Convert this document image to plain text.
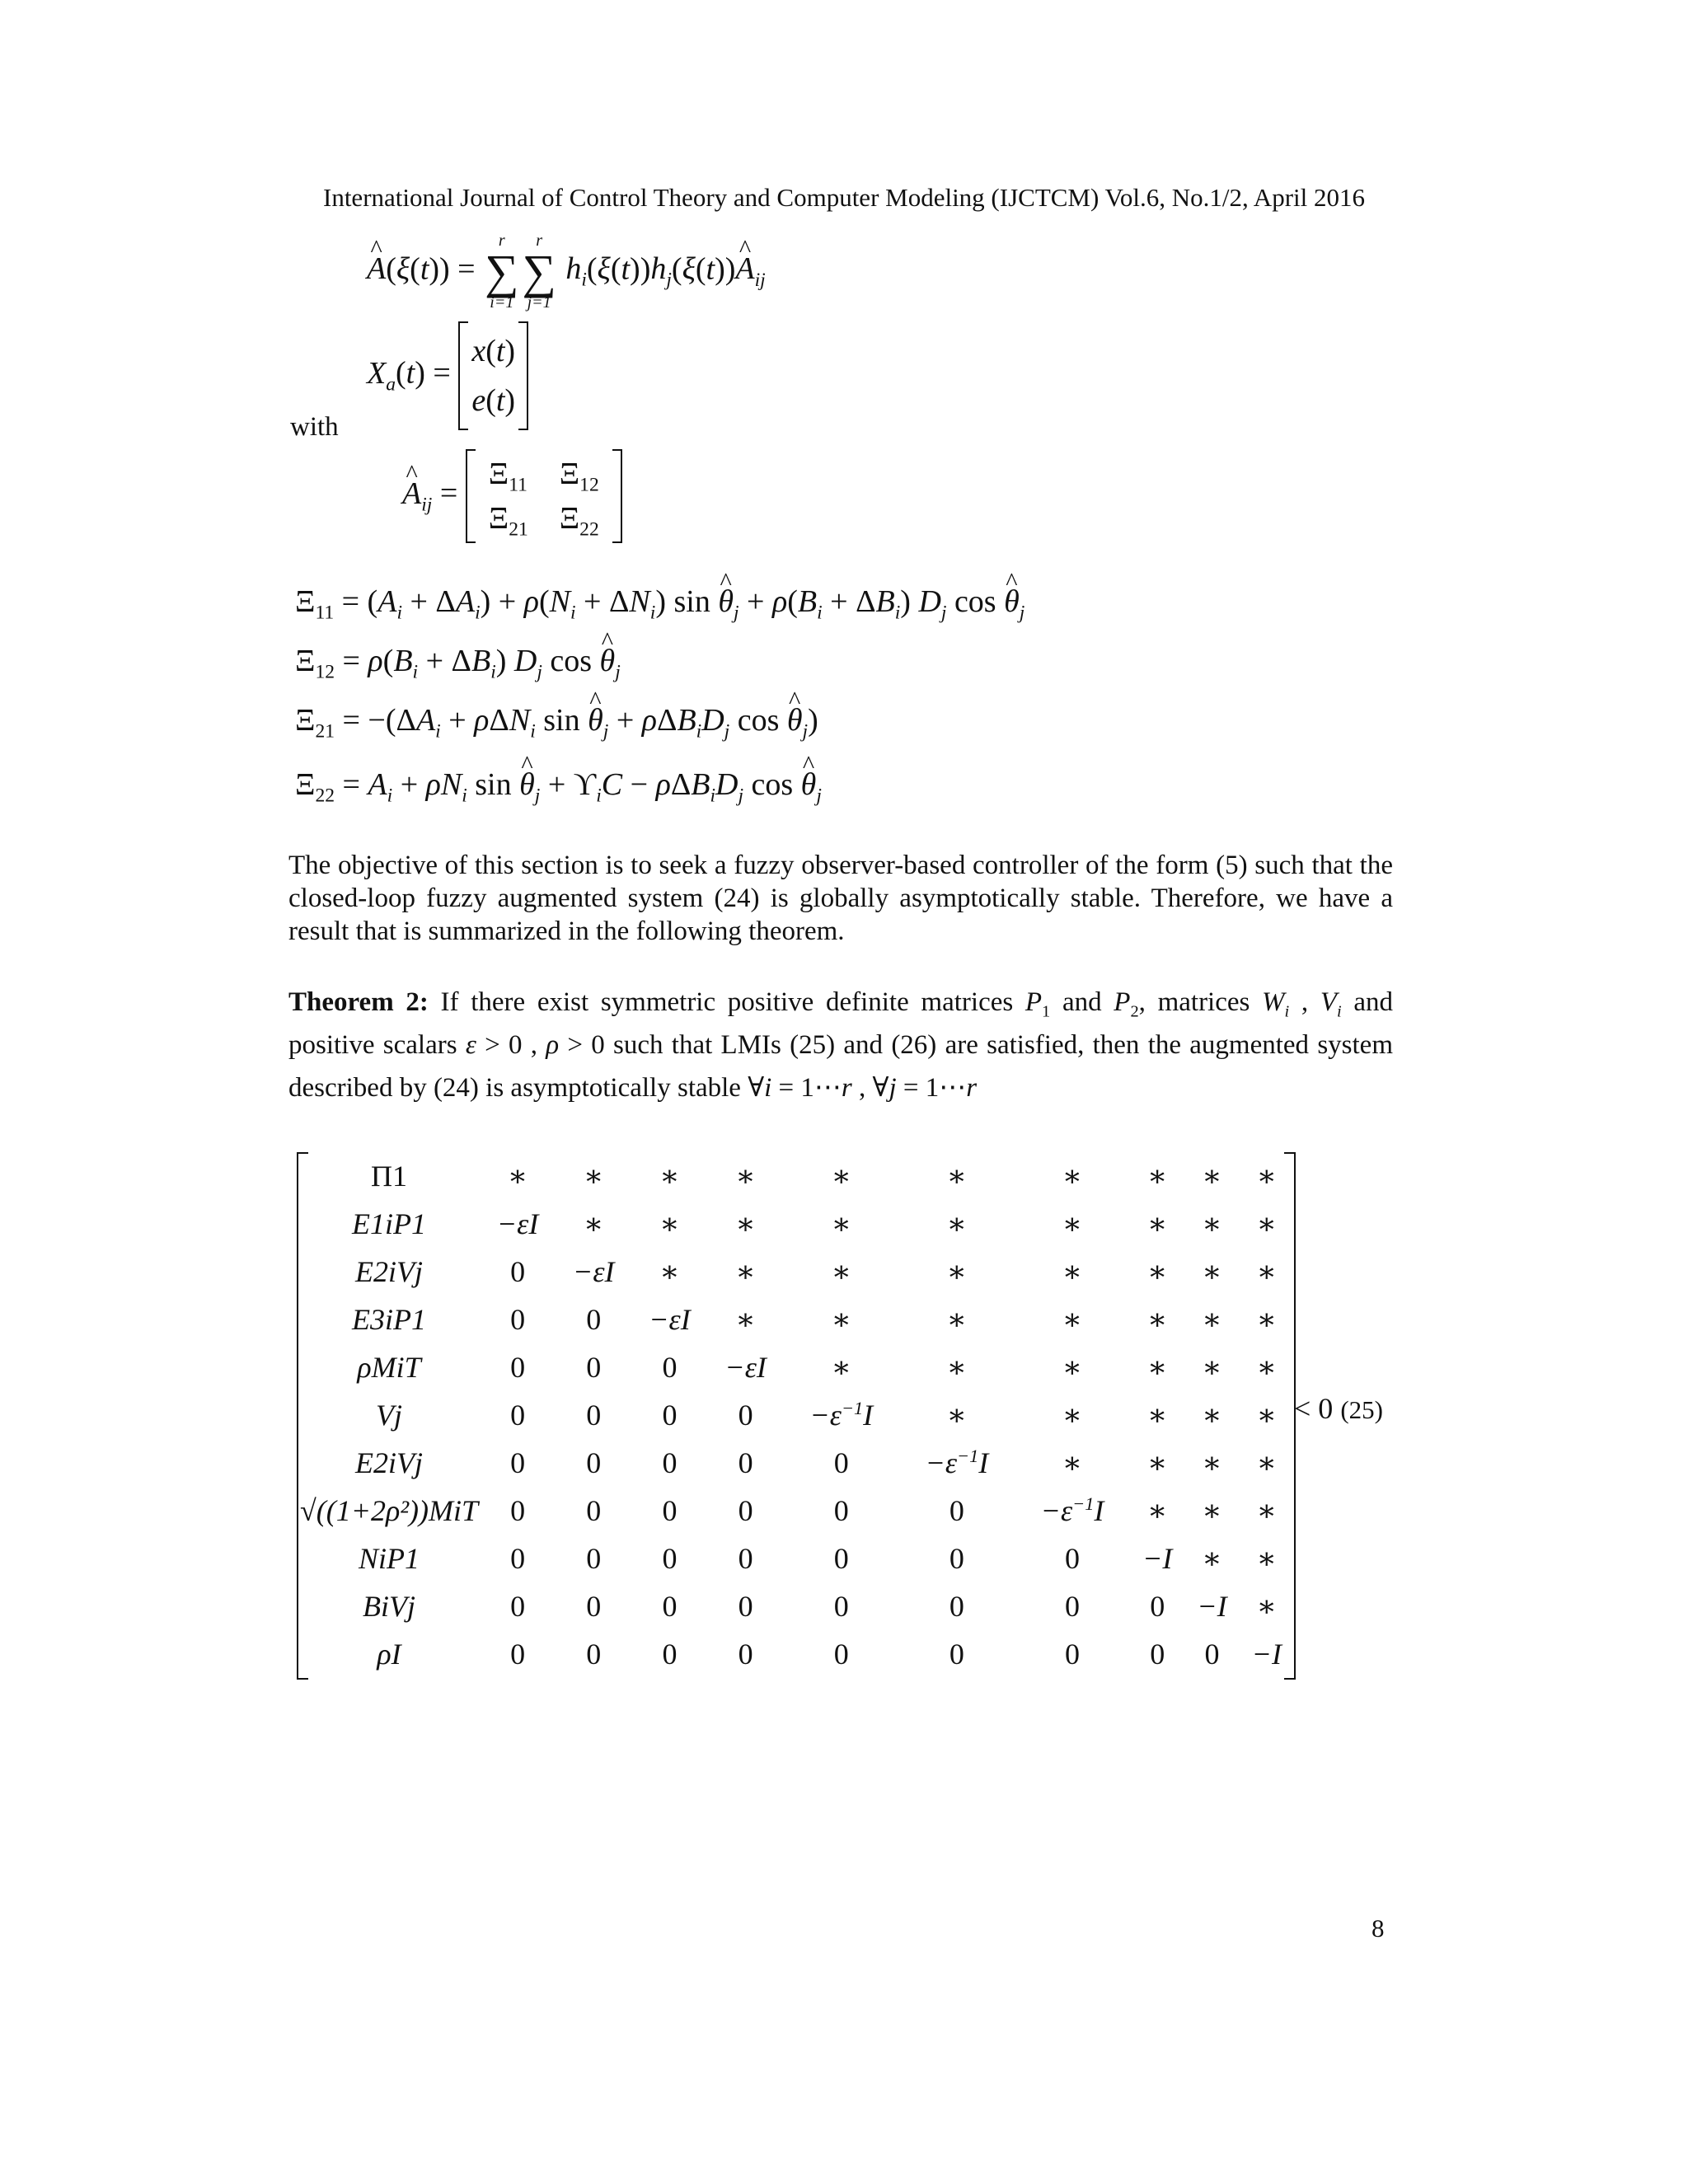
International Journal of Control Theory and Computer Modeling (IJCTCM) Vol.6, No.1/2, April 2016
A ^(ξ(t)) =
r
∑
i=1
r
∑
j=1
$h_i(\xi(t))h_j(\xi(t))A$ $\^{}_{ij}$
$X_a(t)$ =
x(t)
e(t)
with
A $\^{}_{ij}$ =
$\Xi_{11}$	$\Xi_{12}$
$\Xi_{21}$	$\Xi_{22}$
$\Xi_{11} = (A_i + \Delta A_i) + \rho(N_i + \Delta N_i)$ sin θ $\^{}_j + \rho(B_i + \Delta B_i)$ $D_j$ cos θ $\^{}_j$
$\Xi_{12} = \rho(B_i + \Delta B_i)$ $D_j$ cos θ $\^{}_j$
$\Xi_{21} = -(\Delta A_i + \rho\Delta N_i$ sin θ $\^{}_j + \rho\Delta B_iD_j$ cos θ $\^{}_j$)
$\Xi_{22} = A_i + \rho N_i$ sin θ $\^{}_j + ϒ_iC - \rho\Delta B_iD_j$ cos θ $\^{}_j$
The objective of this section is to seek a fuzzy observer-based controller of the form (5) such that the closed-loop fuzzy augmented system (24) is globally asymptotically stable. Therefore, we have a result that is summarized in the following theorem.
Theorem 2: If there exist symmetric positive definite matrices $P_1$ and $P_2$, matrices $W_i$ , $V_i$ and positive scalars ε > 0 , ρ > 0 such that LMIs (25) and (26) are satisfied, then the augmented system described by (24) is asymptotically stable ∀i = 1⋯r , ∀j = 1⋯r
Π1	∗	∗	∗	∗	∗	∗	∗	∗	∗	∗
E1iP1	−εI	∗	∗	∗	∗	∗	∗	∗	∗	∗
E2iVj	0	−εI	∗	∗	∗	∗	∗	∗	∗	∗
E3iP1	0	0	−εI	∗	∗	∗	∗	∗	∗	∗
ρMiT	0	0	0	−εI	∗	∗	∗	∗	∗	∗
Vj	0	0	0	0	$-\varepsilon^{-1}I$	∗	∗	∗	∗	∗
E2iVj	0	0	0	0	0	$-\varepsilon^{-1}I$	∗	∗	∗	∗
√((1+2ρ²))MiT	0	0	0	0	0	0	$-\varepsilon^{-1}I$	∗	∗	∗
NiP1	0	0	0	0	0	0	0	−I	∗	∗
BiVj	0	0	0	0	0	0	0	0	−I	∗
ρI	0	0	0	0	0	0	0	0	0	−I
< 0 (25)
8
